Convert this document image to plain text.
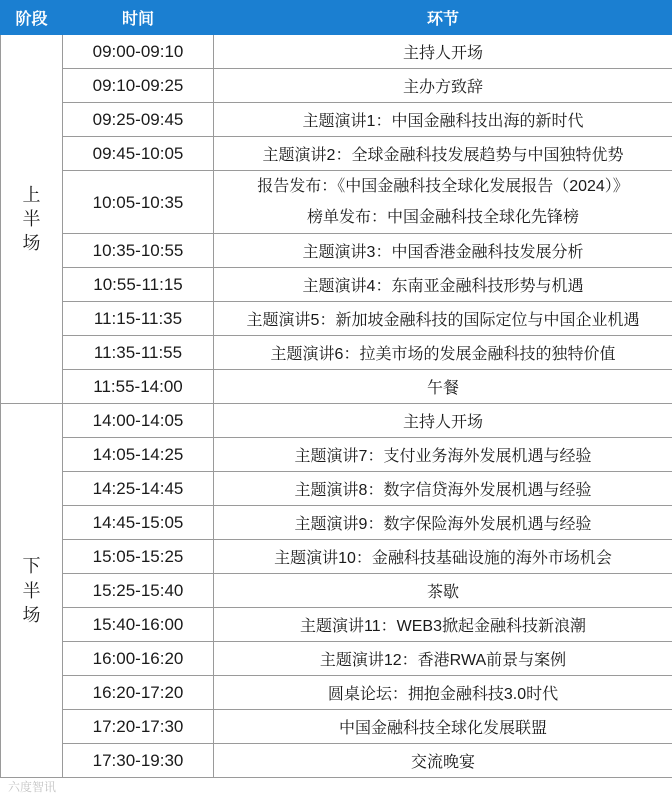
阶段	时间	环节

上
半
场	09:00-09:10	主持人开场
	09:10-09:25	主办方致辞
	09:25-09:45	主题演讲1：中国金融科技出海的新时代
	09:45-10:05	主题演讲2：全球金融科技发展趋势与中国独特优势
	10:05-10:35	报告发布：《中国金融科技全球化发展报告（2024）》
榜单发布：中国金融科技全球化先锋榜

	10:35-10:55	主题演讲3：中国香港金融科技发展分析
	10:55-11:15	主题演讲4：东南亚金融科技形势与机遇
	11:15-11:35	主题演讲5：新加坡金融科技的国际定位与中国企业机遇
	11:35-11:55	主题演讲6：拉美市场的发展金融科技的独特价值
	11:55-14:00	午餐

下
半
场	14:00-14:05	主持人开场
	14:05-14:25	主题演讲7：支付业务海外发展机遇与经验
	14:25-14:45	主题演讲8：数字信贷海外发展机遇与经验
	14:45-15:05	主题演讲9：数字保险海外发展机遇与经验
	15:05-15:25	主题演讲10：金融科技基础设施的海外市场机会
	15:25-15:40	茶歇
	15:40-16:00	主题演讲11：WEB3掀起金融科技新浪潮
	16:00-16:20	主题演讲12：香港RWA前景与案例
	16:20-17:20	圆桌论坛：拥抱金融科技3.0时代
	17:20-17:30	中国金融科技全球化发展联盟
	17:30-19:30	交流晚宴
六度智讯
